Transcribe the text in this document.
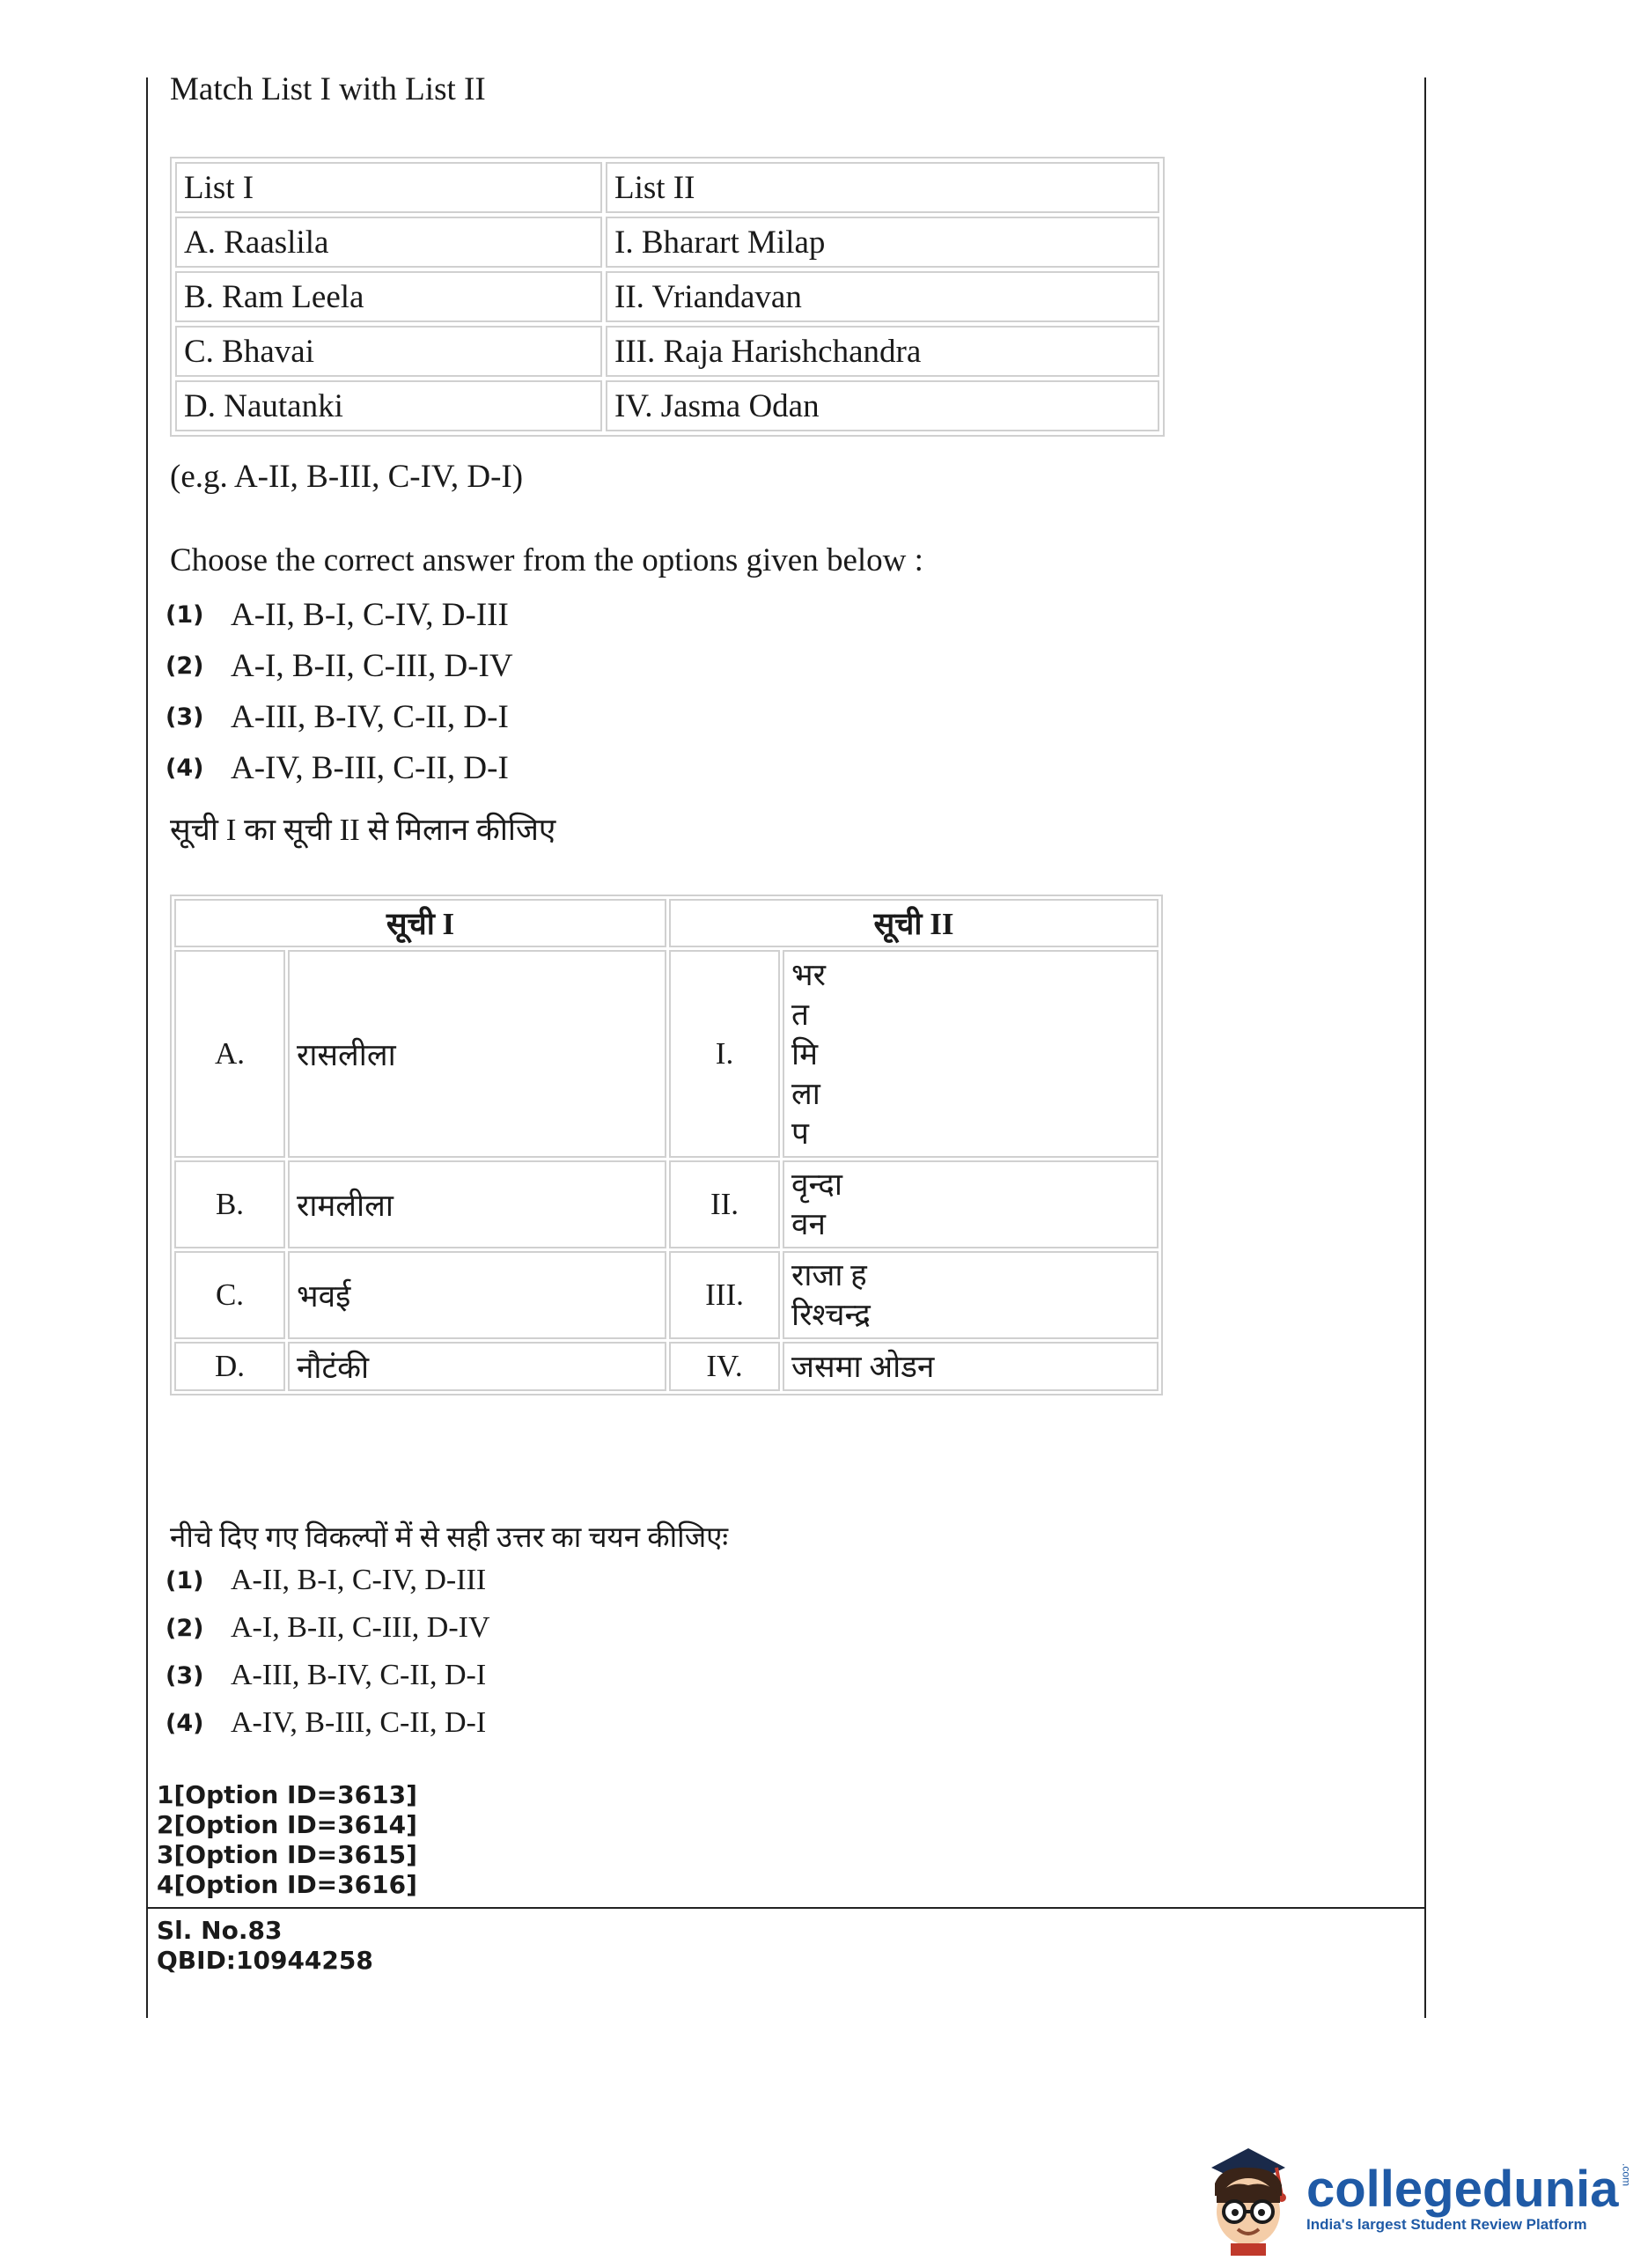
Match List I with List II
List I	List II
A. Raaslila	I. Bharart Milap
B. Ram Leela	II. Vriandavan
C. Bhavai	III. Raja Harishchandra
D. Nautanki	IV. Jasma Odan
(e.g. A-II, B-III, C-IV, D-I)
Choose the correct answer from the options given below :
(1) A-II, B-I, C-IV, D-III
(2) A-I, B-II, C-III, D-IV
(3) A-III, B-IV, C-II, D-I
(4) A-IV, B-III, C-II, D-I
सूची I का सूची II से मिलान कीजिए
सूची I		सूची II	
A.	रासलीला	I.	भर
त
मि
ला
प

B.	रामलीला	II.	वृन्दा
वन

C.	भवई	III.	राजा ह
रिश्चन्द्र

D.	नौटंकी	IV.	जसमा ओडन
नीचे दिए गए विकल्पों में से सही उत्तर का चयन कीजिएः
(1) A-II, B-I, C-IV, D-III
(2) A-I, B-II, C-III, D-IV
(3) A-III, B-IV, C-II, D-I
(4) A-IV, B-III, C-II, D-I
1[Option ID=3613]
2[Option ID=3614]
3[Option ID=3615]
4[Option ID=3616]
Sl. No.83
QBID:10944258
collegedunia .com
India's largest Student Review Platform
